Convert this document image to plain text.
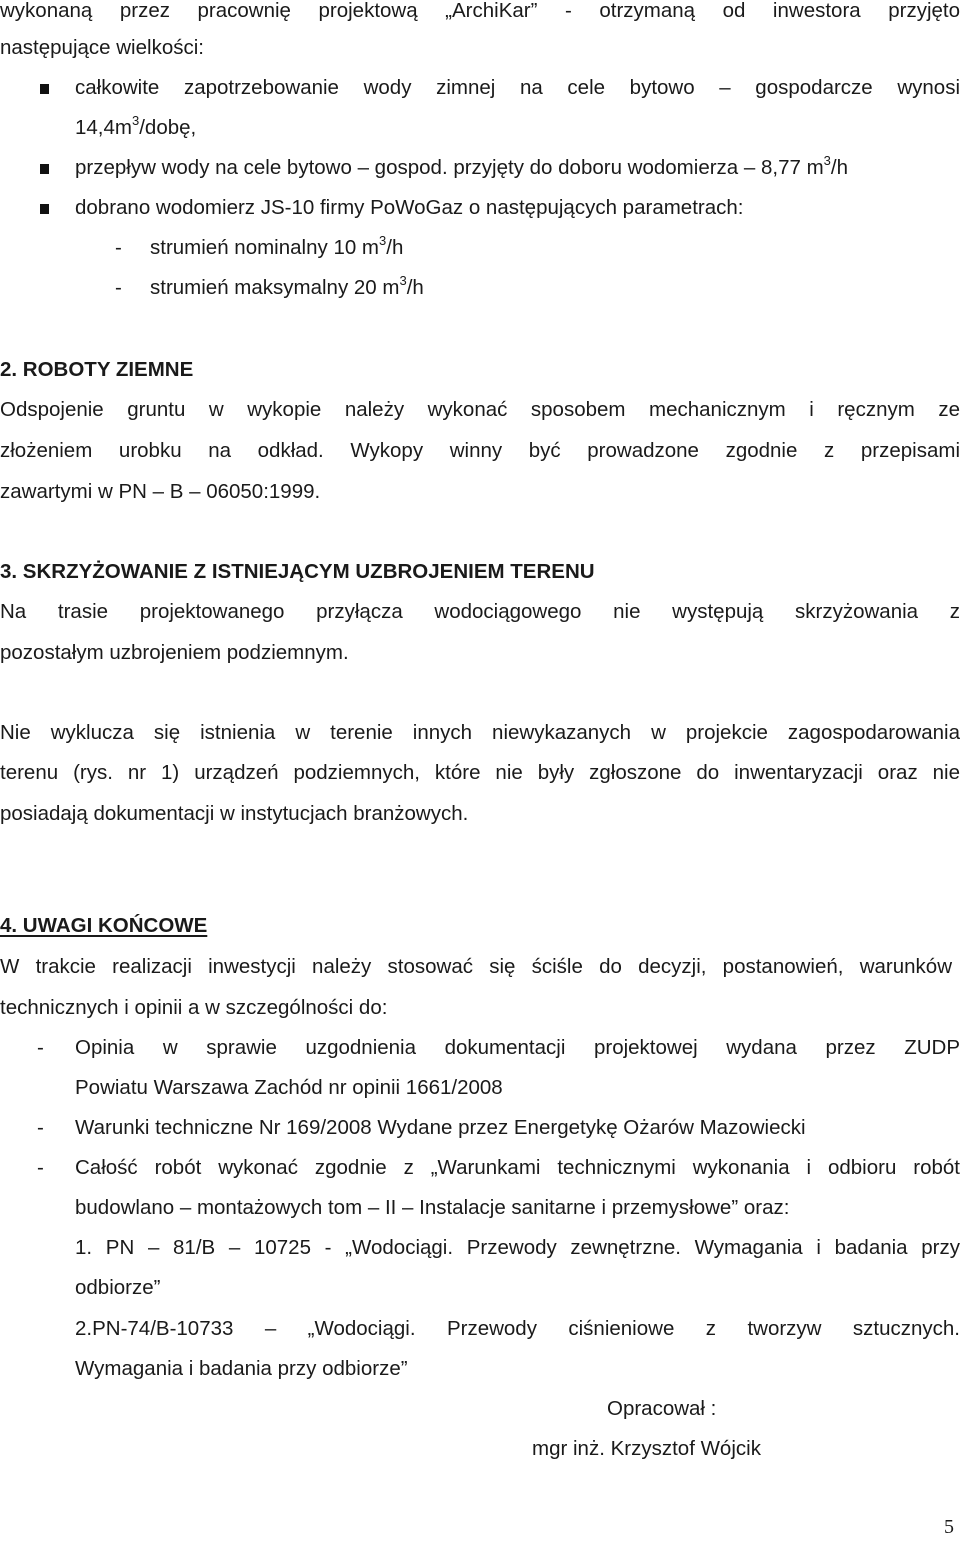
wykonaną przez pracownię projektową „ArchiKar” - otrzymaną od inwestora przyjęto
następujące wielkości:
całkowite zapotrzebowanie wody zimnej na cele bytowo – gospodarcze wynosi
$14,4m^3$/dobę,
przepływ wody na cele bytowo – gospod. przyjęty do doboru wodomierza – 8,77 $m^3/h$
dobrano wodomierz JS-10 firmy PoWoGaz o następujących parametrach:
- strumień nominalny 10 $m^3/h$
- strumień maksymalny 20 $m^3/h$
2. ROBOTY ZIEMNE
Odspojenie gruntu w wykopie należy wykonać sposobem mechanicznym i ręcznym ze
złożeniem urobku na odkład. Wykopy winny być prowadzone zgodnie z przepisami
zawartymi w PN – B – 06050:1999.
3. SKRZYŻOWANIE Z ISTNIEJĄCYM UZBROJENIEM TERENU
Na trasie projektowanego przyłącza wodociągowego nie występują skrzyżowania z
pozostałym uzbrojeniem podziemnym.
Nie wyklucza się istnienia w terenie innych niewykazanych w projekcie zagospodarowania
terenu (rys. nr 1) urządzeń podziemnych, które nie były zgłoszone do inwentaryzacji oraz nie
posiadają dokumentacji w instytucjach branżowych.
4. UWAGI KOŃCOWE
W trakcie realizacji inwestycji należy stosować się ściśle do decyzji, postanowień, warunków
technicznych i opinii a w szczególności do:
- Opinia w sprawie uzgodnienia dokumentacji projektowej wydana przez ZUDP
Powiatu Warszawa Zachód nr opinii 1661/2008
- Warunki techniczne Nr 169/2008 Wydane przez Energetykę Ożarów Mazowiecki
- Całość robót wykonać zgodnie z „Warunkami technicznymi wykonania i odbioru robót
budowlano – montażowych tom – II – Instalacje sanitarne i przemysłowe” oraz:
1. PN – 81/B – 10725 - „Wodociągi. Przewody zewnętrzne. Wymagania i badania przy
odbiorze”
2.PN-74/B-10733 – „Wodociągi. Przewody ciśnieniowe z tworzyw sztucznych.
Wymagania i badania przy odbiorze”
Opracował :
mgr inż. Krzysztof Wójcik
5
